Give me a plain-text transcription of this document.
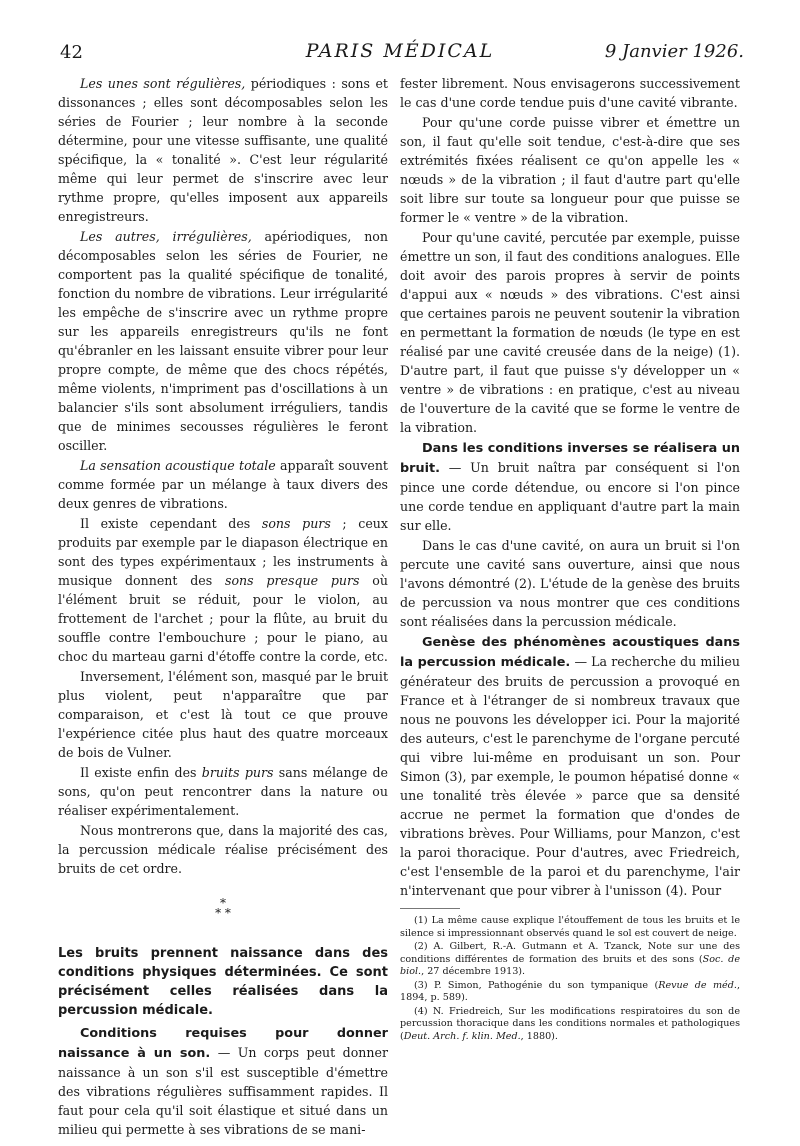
42	PARIS MÉDICAL	9 Janvier 1926.

Les unes sont régulières, périodiques : sons et dissonances ; elles sont décomposables selon les séries de Fourier ; leur nombre à la seconde détermine, pour une vitesse suffisante, une qualité spécifique, la « tonalité ». C'est leur régularité même qui leur permet de s'inscrire avec leur rythme propre, qu'elles imposent aux appareils enregistreurs.

Les autres, irrégulières, apériodiques, non décomposables selon les séries de Fourier, ne comportent pas la qualité spécifique de tonalité, fonction du nombre de vibrations. Leur irrégularité les empêche de s'inscrire avec un rythme propre sur les appareils enregistreurs qu'ils ne font qu'ébranler en les laissant ensuite vibrer pour leur propre compte, de même que des chocs répétés, même violents, n'impriment pas d'oscillations à un balancier s'ils sont absolument irréguliers, tandis que de minimes secousses régulières le feront osciller.

La sensation acoustique totale apparaît souvent comme formée par un mélange à taux divers des deux genres de vibrations.

Il existe cependant des sons purs ; ceux produits par exemple par le diapason électrique en sont des types expérimentaux ; les instruments à musique donnent des sons presque purs où l'élément bruit se réduit, pour le violon, au frottement de l'archet ; pour la flûte, au bruit du souffle contre l'embouchure ; pour le piano, au choc du marteau garni d'étoffe contre la corde, etc.

Inversement, l'élément son, masqué par le bruit plus violent, peut n'apparaître que par comparaison, et c'est là tout ce que prouve l'expérience citée plus haut des quatre morceaux de bois de Vulner.

Il existe enfin des bruits purs sans mélange de sons, qu'on peut rencontrer dans la nature ou réaliser expérimentalement.

Nous montrerons que, dans la majorité des cas, la percussion médicale réalise précisément des bruits de cet ordre.

*
* *
Les bruits prennent naissance dans des conditions physiques déterminées. Ce sont précisément celles réalisées dans la percussion médicale.

Conditions requises pour donner naissance à un son. — Un corps peut donner naissance à un son s'il est susceptible d'émettre des vibrations régulières suffisamment rapides. Il faut pour cela qu'il soit élastique et situé dans un milieu qui permette à ses vibrations de se mani-

fester librement. Nous envisagerons successivement le cas d'une corde tendue puis d'une cavité vibrante.

Pour qu'une corde puisse vibrer et émettre un son, il faut qu'elle soit tendue, c'est-à-dire que ses extrémités fixées réalisent ce qu'on appelle les « nœuds » de la vibration ; il faut d'autre part qu'elle soit libre sur toute sa longueur pour que puisse se former le « ventre » de la vibration.

Pour qu'une cavité, percutée par exemple, puisse émettre un son, il faut des conditions analogues. Elle doit avoir des parois propres à servir de points d'appui aux « nœuds » des vibrations. C'est ainsi que certaines parois ne peuvent soutenir la vibration en permettant la formation de nœuds (le type en est réalisé par une cavité creusée dans de la neige) (1). D'autre part, il faut que puisse s'y développer un « ventre » de vibrations : en pratique, c'est au niveau de l'ouverture de la cavité que se forme le ventre de la vibration.

Dans les conditions inverses se réalisera un bruit. — Un bruit naîtra par conséquent si l'on pince une corde détendue, ou encore si l'on pince une corde tendue en appliquant d'autre part la main sur elle.

Dans le cas d'une cavité, on aura un bruit si l'on percute une cavité sans ouverture, ainsi que nous l'avons démontré (2). L'étude de la genèse des bruits de percussion va nous montrer que ces conditions sont réalisées dans la percussion médicale.

Genèse des phénomènes acoustiques dans la percussion médicale. — La recherche du milieu générateur des bruits de percussion a provoqué en France et à l'étranger de si nombreux travaux que nous ne pouvons les développer ici. Pour la majorité des auteurs, c'est le parenchyme de l'organe percuté qui vibre lui-même en produisant un son. Pour Simon (3), par exemple, le poumon hépatisé donne « une tonalité très élevée » parce que sa densité accrue ne permet la formation que d'ondes de vibrations brèves. Pour Williams, pour Manzon, c'est la paroi thoracique. Pour d'autres, avec Friedreich, c'est l'ensemble de la paroi et du parenchyme, l'air n'intervenant que pour vibrer à l'unisson (4). Pour

(1) La même cause explique l'étouffement de tous les bruits et le silence si impressionnant observés quand le sol est couvert de neige.

(2) A. Gilbert, R.-A. Gutmann et A. Tzanck, Note sur une des conditions différentes de formation des bruits et des sons (Soc. de biol., 27 décembre 1913).

(3) P. Simon, Pathogénie du son tympanique (Revue de méd., 1894, p. 589).

(4) N. Friedreich, Sur les modifications respiratoires du son de percussion thoracique dans les conditions normales et pathologiques (Deut. Arch. f. klin. Med., 1880).
